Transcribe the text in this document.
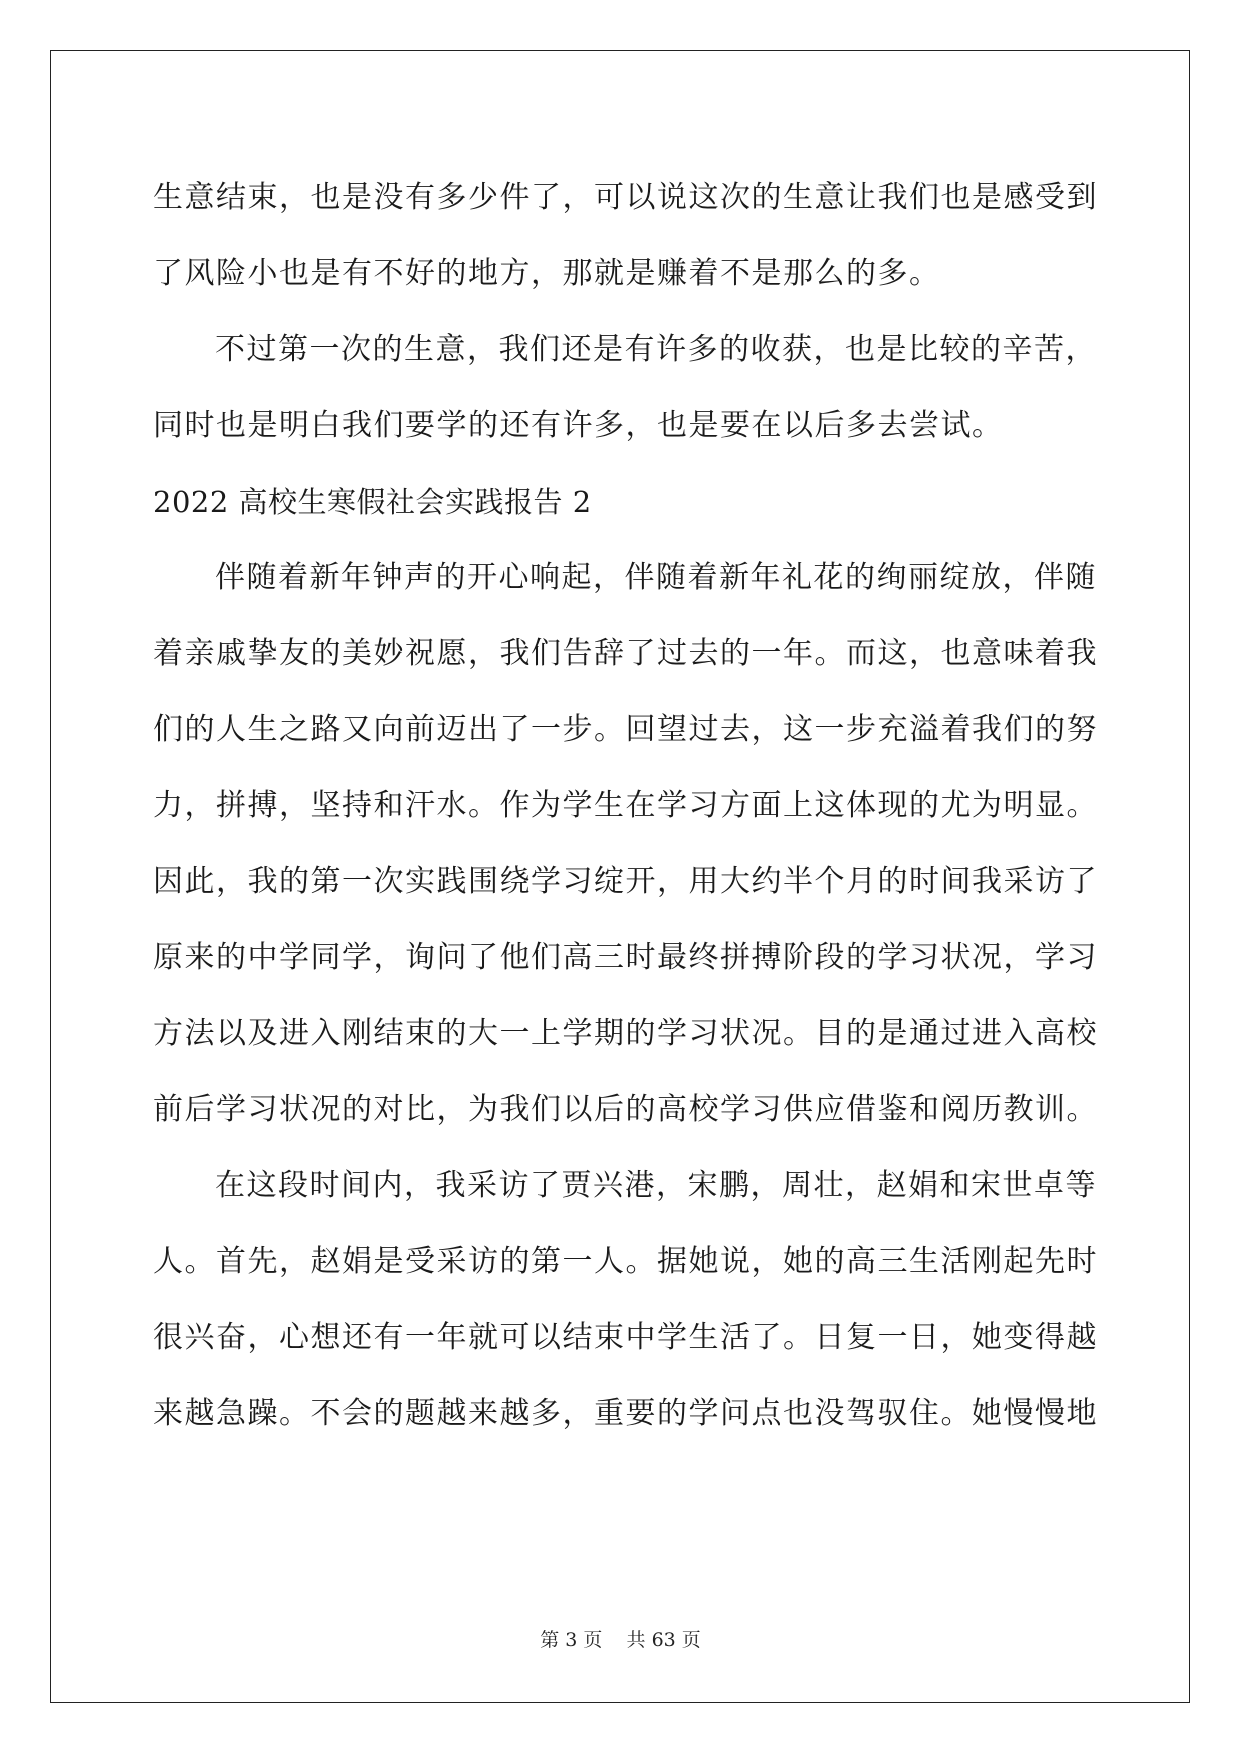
生意结束，也是没有多少件了，可以说这次的生意让我们也是感受到
了风险小也是有不好的地方，那就是赚着不是那么的多。
不过第一次的生意，我们还是有许多的收获，也是比较的辛苦，
同时也是明白我们要学的还有许多，也是要在以后多去尝试。
2022 高校生寒假社会实践报告 2
伴随着新年钟声的开心响起，伴随着新年礼花的绚丽绽放，伴随
着亲戚挚友的美妙祝愿，我们告辞了过去的一年。而这，也意味着我
们的人生之路又向前迈出了一步。回望过去，这一步充溢着我们的努
力，拼搏，坚持和汗水。作为学生在学习方面上这体现的尤为明显。
因此，我的第一次实践围绕学习绽开，用大约半个月的时间我采访了
原来的中学同学，询问了他们高三时最终拼搏阶段的学习状况，学习
方法以及进入刚结束的大一上学期的学习状况。目的是通过进入高校
前后学习状况的对比，为我们以后的高校学习供应借鉴和阅历教训。
在这段时间内，我采访了贾兴港，宋鹏，周壮，赵娟和宋世卓等
人。首先，赵娟是受采访的第一人。据她说，她的高三生活刚起先时
很兴奋，心想还有一年就可以结束中学生活了。日复一日，她变得越
来越急躁。不会的题越来越多，重要的学问点也没驾驭住。她慢慢地
第 3 页    共 63 页
